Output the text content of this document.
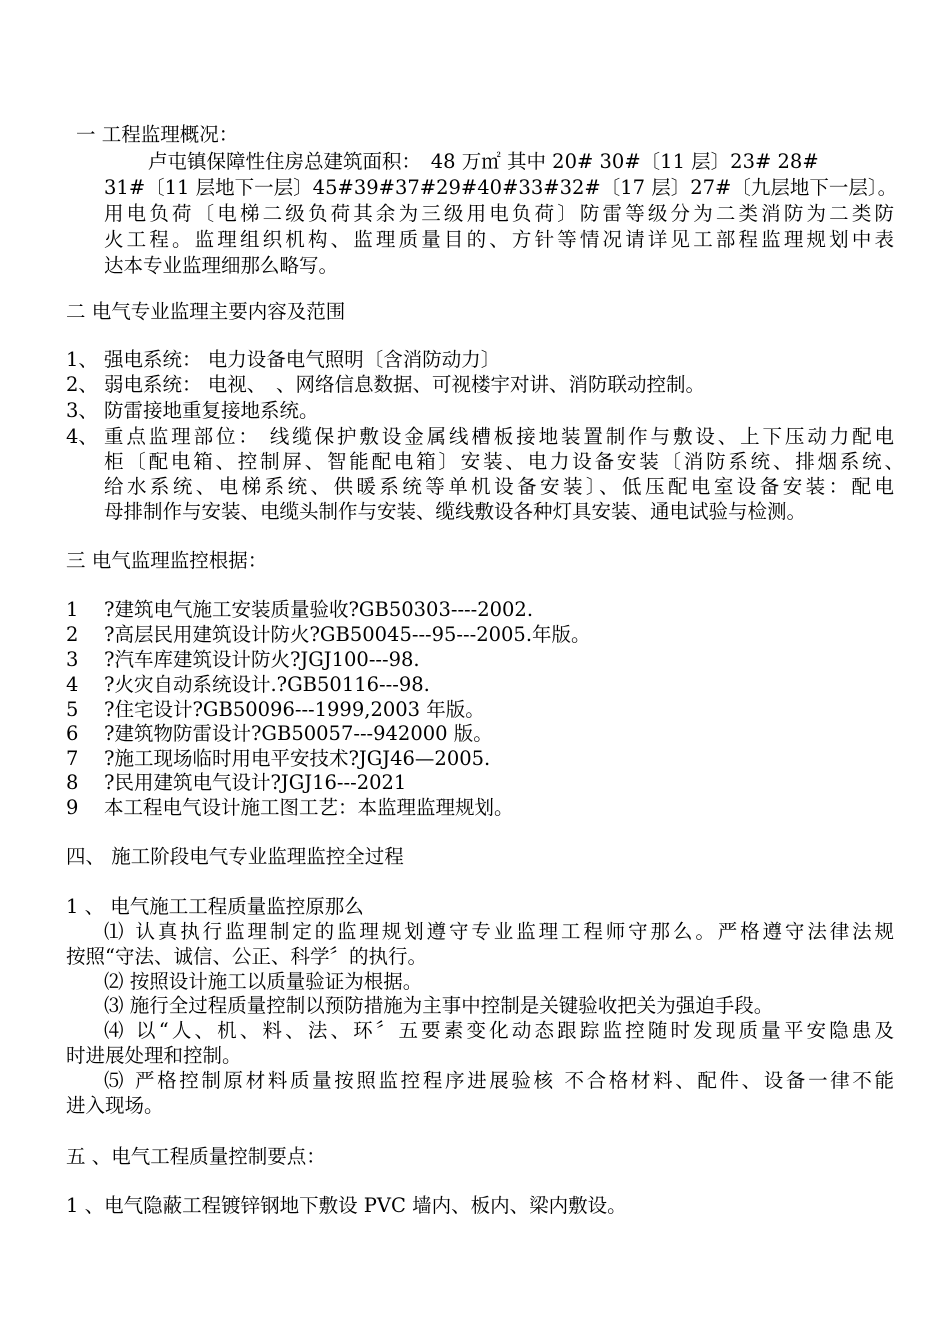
一 工程监理概况：
卢屯镇保障性住房总建筑面积：　48 万㎡ 其中 20# 30#〔11 层〕23# 28#
31#〔11 层地下一层〕45#39#37#29#40#33#32#〔17 层〕27#〔九层地下一层〕。
用电负荷〔电梯二级负荷其余为三级用电负荷〕防雷等级分为二类消防为二类防
火工程。监理组织机构、监理质量目的、方针等情况请详见工部程监理规划中表
达本专业监理细那么略写。
二 电气专业监理主要内容及范围
1、 强电系统： 电力设备电气照明〔含消防动力〕
2、 弱电系统： 电视、　、网络信息数据、可视楼宇对讲、消防联动控制。
3、 防雷接地重复接地系统。
4、 重点监理部位： 线缆保护敷设金属线槽板接地装置制作与敷设、上下压动力配电
柜〔配电箱、控制屏、智能配电箱〕安装、电力设备安装〔消防系统、排烟系统、
给水系统、电梯系统、供暖系统等单机设备安装〕、低压配电室设备安装：配电
母排制作与安装、电缆头制作与安装、缆线敷设各种灯具安装、通电试验与检测。
三 电气监理监控根据：
1 ?建筑电气施工安装质量验收?GB50303----2002.
2 ?高层民用建筑设计防火?GB50045---95---2005.年版。
3 ?汽车库建筑设计防火?JGJ100---98.
4 ?火灾自动系统设计.?GB50116---98.
5 ?住宅设计?GB50096---1999,2003 年版。
6 ?建筑物防雷设计?GB50057---942000 版。
7 ?施工现场临时用电平安技术?JGJ46—2005.
8 ?民用建筑电气设计?JGJ16---2021
9 本工程电气设计施工图工艺：本监理监理规划。
四、 施工阶段电气专业监理监控全过程
1 、 电气施工工程质量监控原那么
⑴ 认真执行监理制定的监理规划遵守专业监理工程师守那么。严格遵守法律法规
按照“守法、诚信、公正、科学〞的执行。
⑵ 按照设计施工以质量验证为根据。
⑶ 施行全过程质量控制以预防措施为主事中控制是关键验收把关为强迫手段。
⑷ 以“人、机、料、法、环〞五要素变化动态跟踪监控随时发现质量平安隐患及
时进展处理和控制。
⑸ 严格控制原材料质量按照监控程序进展验核 不合格材料、配件、设备一律不能
进入现场。
五 、电气工程质量控制要点：
1 、电气隐蔽工程镀锌钢地下敷设 PVC 墙内、板内、梁内敷设。
